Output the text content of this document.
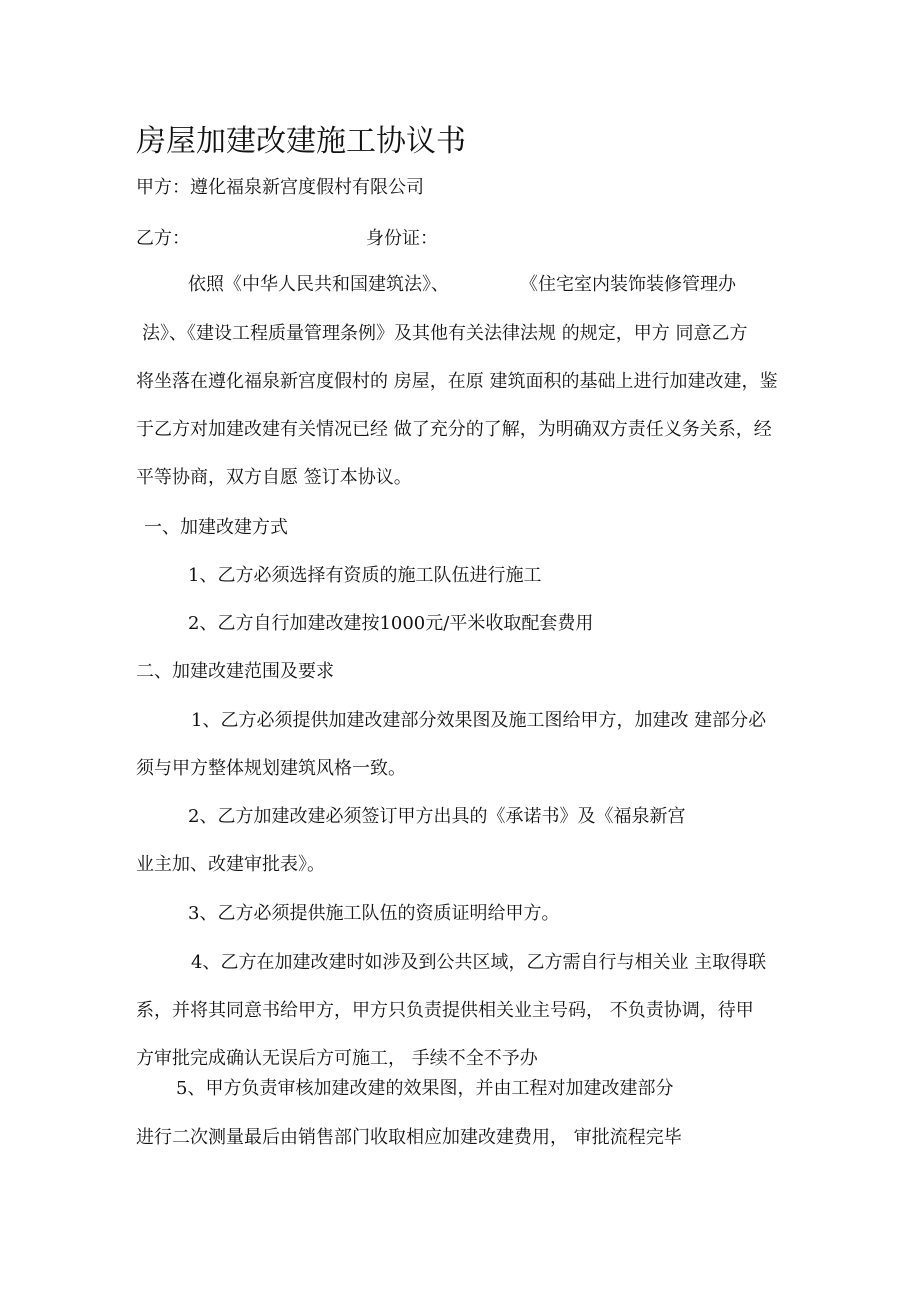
房屋加建改建施工协议书
甲方：遵化福泉新宫度假村有限公司
乙方：	身份证：
依照《中华人民共和国建筑法》、	《住宅室内装饰装修管理办
法》、《建设工程质量管理条例》及其他有关法律法规 的规定，甲方 同意乙方
将坐落在遵化福泉新宫度假村的 房屋，在原 建筑面积的基础上进行加建改建，鉴
于乙方对加建改建有关情况已经 做了充分的了解，为明确双方责任义务关系，经
平等协商，双方自愿 签订本协议。
一、加建改建方式
1、乙方必须选择有资质的施工队伍进行施工
2、乙方自行加建改建按1000元/平米收取配套费用
二、加建改建范围及要求
1、乙方必须提供加建改建部分效果图及施工图给甲方，加建改 建部分必
须与甲方整体规划建筑风格一致。
2、乙方加建改建必须签订甲方出具的《承诺书》及《福泉新宫
业主加、改建审批表》。
3、乙方必须提供施工队伍的资质证明给甲方。
4、乙方在加建改建时如涉及到公共区域，乙方需自行与相关业 主取得联
系，并将其同意书给甲方，甲方只负责提供相关业主号码， 不负责协调，待甲
方审批完成确认无误后方可施工， 手续不全不予办
5、甲方负责审核加建改建的效果图，并由工程对加建改建部分
进行二次测量最后由销售部门收取相应加建改建费用， 审批流程完毕
